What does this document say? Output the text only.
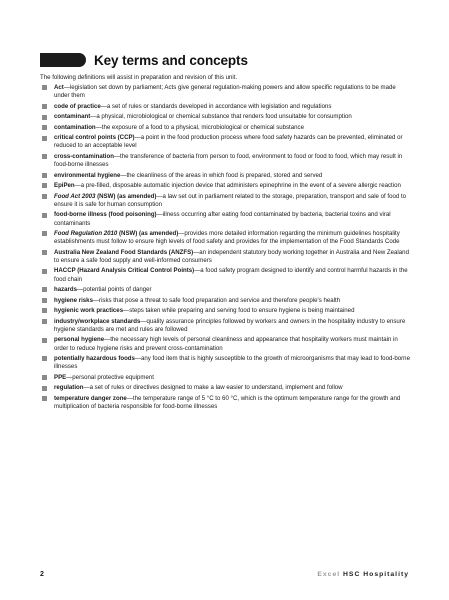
Key terms and concepts
The following definitions will assist in preparation and revision of this unit.
Act—legislation set down by parliament; Acts give general regulation-making powers and allow specific regulations to be made under them
code of practice—a set of rules or standards developed in accordance with legislation and regulations
contaminant—a physical, microbiological or chemical substance that renders food unsuitable for consumption
contamination—the exposure of a food to a physical, microbiological or chemical substance
critical control points (CCP)—a point in the food production process where food safety hazards can be prevented, eliminated or reduced to an acceptable level
cross-contamination—the transference of bacteria from person to food, environment to food or food to food, which may result in food-borne illnesses
environmental hygiene—the cleanliness of the areas in which food is prepared, stored and served
EpiPen—a pre-filled, disposable automatic injection device that administers epinephrine in the event of a severe allergic reaction
Food Act 2003 (NSW) (as amended)—a law set out in parliament related to the storage, preparation, transport and sale of food to ensure it is safe for human consumption
food-borne illness (food poisoning)—illness occurring after eating food contaminated by bacteria, bacterial toxins and viral contaminants
Food Regulation 2010 (NSW) (as amended)—provides more detailed information regarding the minimum guidelines hospitality establishments must follow to ensure high levels of food safety and provides for the implementation of the Food Standards Code
Australia New Zealand Food Standards (ANZFS)—an independent statutory body working together in Australia and New Zealand to ensure a safe food supply and well-informed consumers
HACCP (Hazard Analysis Critical Control Points)—a food safety program designed to identify and control harmful hazards in the food chain
hazards—potential points of danger
hygiene risks—risks that pose a threat to safe food preparation and service and therefore people's health
hygienic work practices—steps taken while preparing and serving food to ensure hygiene is being maintained
industry/workplace standards—quality assurance principles followed by workers and owners in the hospitality industry to ensure hygiene standards are met and rules are followed
personal hygiene—the necessary high levels of personal cleanliness and appearance that hospitality workers must maintain in order to reduce hygiene risks and prevent cross-contamination
potentially hazardous foods—any food item that is highly susceptible to the growth of microorganisms that may lead to food-borne illnesses
PPE—personal protective equipment
regulation—a set of rules or directives designed to make a law easier to understand, implement and follow
temperature danger zone—the temperature range of 5 °C to 60 °C, which is the optimum temperature range for the growth and multiplication of bacteria responsible for food-borne illnesses
2	Excel HSC Hospitality
